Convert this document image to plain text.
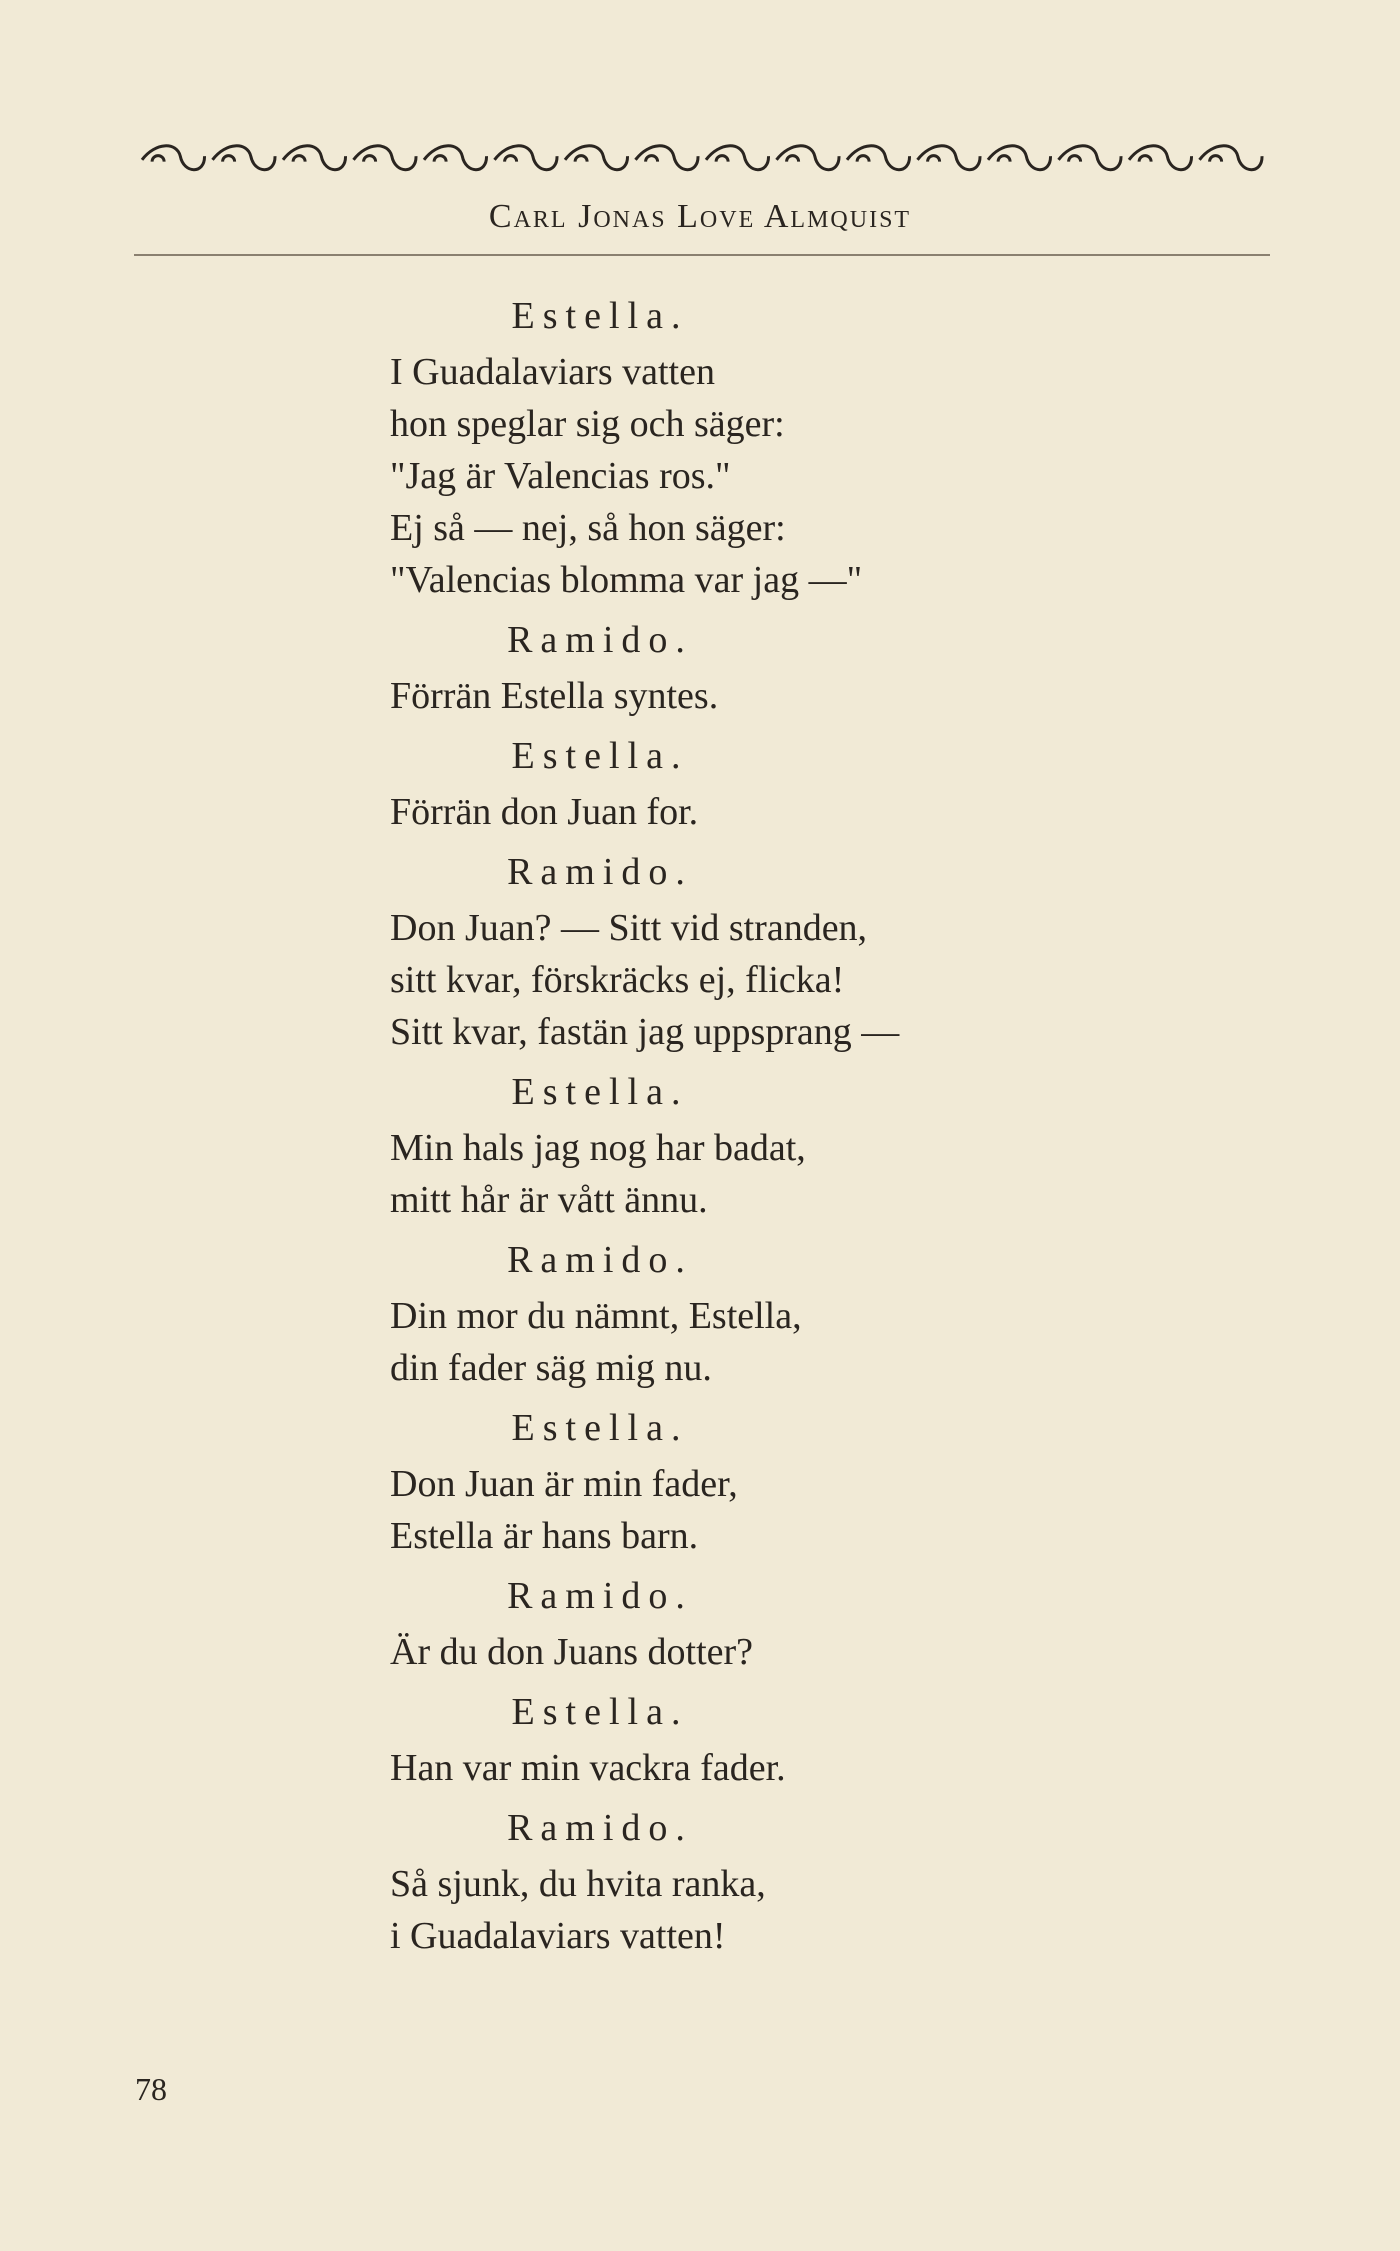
Carl Jonas Love Almquist
Estella.
I Guadalaviars vatten
hon speglar sig och säger:
"Jag är Valencias ros."
Ej så — nej, så hon säger:
"Valencias blomma var jag —"
Ramido.
Förrän Estella syntes.
Estella.
Förrän don Juan for.
Ramido.
Don Juan? — Sitt vid stranden,
sitt kvar, förskräcks ej, flicka!
Sitt kvar, fastän jag uppsprang —
Estella.
Min hals jag nog har badat,
mitt hår är vått ännu.
Ramido.
Din mor du nämnt, Estella,
din fader säg mig nu.
Estella.
Don Juan är min fader,
Estella är hans barn.
Ramido.
Är du don Juans dotter?
Estella.
Han var min vackra fader.
Ramido.
Så sjunk, du hvita ranka,
i Guadalaviars vatten!
78
